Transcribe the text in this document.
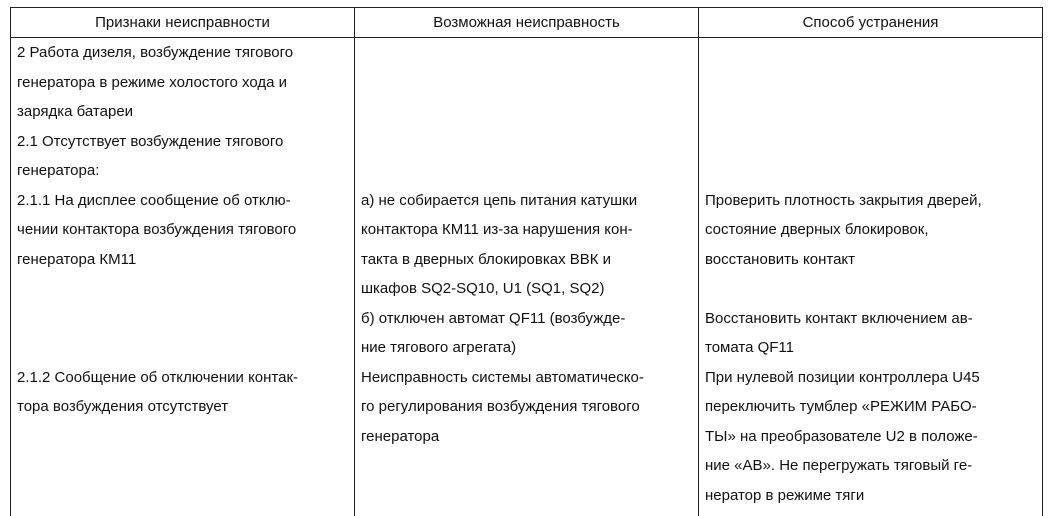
Признаки неисправности	Возможная неисправность	Способ устранения

2 Работа дизеля, возбуждение тягового
генератора в режиме холостого хода и
зарядка батареи		

2.1 Отсутствует возбуждение тягового
генератора:		

2.1.1 На дисплее сообщение об отклю-
чении контактора возбуждения тягового
генератора КМ11	а) не собирается цепь питания катушки
контактора КМ11 из-за нарушения кон-
такта в дверных блокировках ВВК и
шкафов SQ2-SQ10, U1 (SQ1, SQ2)	Проверить плотность закрытия дверей,
состояние дверных блокировок,
восстановить контакт

	б) отключен автомат QF11 (возбужде-
ние тягового агрегата)	Восстановить контакт включением ав-
томата QF11

2.1.2 Сообщение об отключении контак-
тора возбуждения отсутствует	Неисправность системы автоматическо-
го регулирования возбуждения тягового
генератора	При нулевой позиции контроллера U45
переключить тумблер «РЕЖИМ РАБО-
ТЫ» на преобразователе U2 в положе-
ние «АВ». Не перегружать тяговый ге-
нератор в режиме тяги
